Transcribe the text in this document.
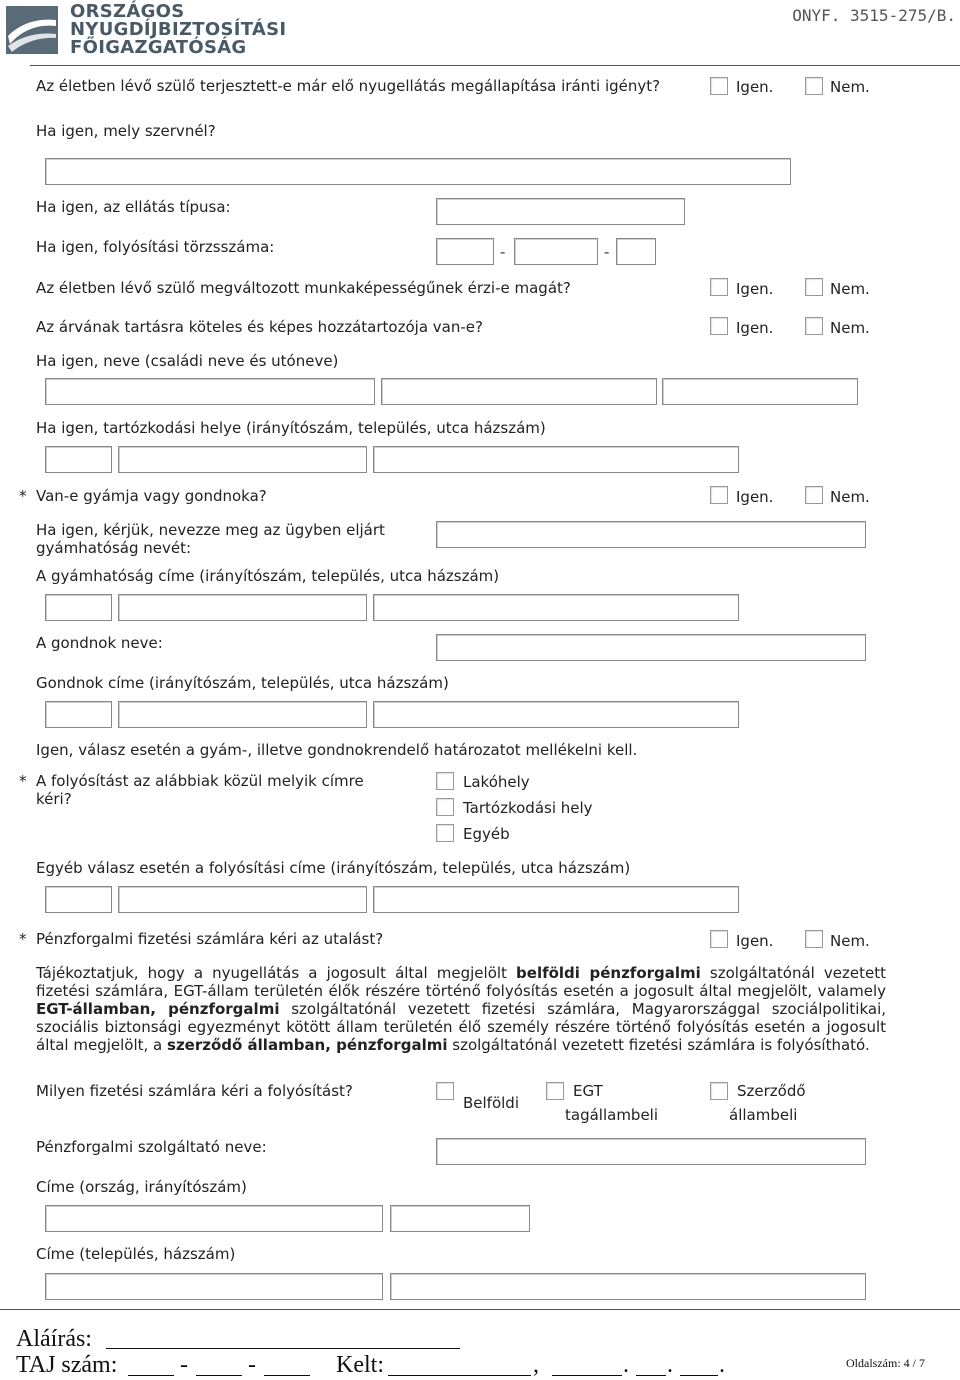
ORSZÁGOS
NYUGDÍJBIZTOSÍTÁSI
FŐIGAZGATÓSÁG
ONYF. 3515-275/B.
Az életben lévő szülő terjesztett-e már elő nyugellátás megállapítása iránti igényt?	Igen.	Nem.
Ha igen, mely szervnél?
Ha igen, az ellátás típusa:
Ha igen, folyósítási törzsszáma:	-	-
Az életben lévő szülő megváltozott munkaképességűnek érzi-e magát?	Igen.	Nem.
Az árvának tartásra köteles és képes hozzátartozója van-e?	Igen.	Nem.
Ha igen, neve (családi neve és utóneve)
Ha igen, tartózkodási helye (irányítószám, település, utca házszám)
* Van-e gyámja vagy gondnoka?	Igen.	Nem.
Ha igen, kérjük, nevezze meg az ügyben eljárt gyámhatóság nevét:
A gyámhatóság címe (irányítószám, település, utca házszám)
A gondnok neve:
Gondnok címe (irányítószám, település, utca házszám)
Igen, válasz esetén a gyám-, illetve gondnokrendelő határozatot mellékelni kell.
* A folyósítást az alábbiak közül melyik címre kéri?
Lakóhely
Tartózkodási hely
Egyéb
Egyéb válasz esetén a folyósítási címe (irányítószám, település, utca házszám)
* Pénzforgalmi fizetési számlára kéri az utalást?	Igen.	Nem.
Tájékoztatjuk, hogy a nyugellátás a jogosult által megjelölt belföldi pénzforgalmi szolgáltatónál vezetett fizetési számlára, EGT-állam területén élők részére történő folyósítás esetén a jogosult által megjelölt, valamely EGT-államban, pénzforgalmi szolgáltatónál vezetett fizetési számlára, Magyarországgal szociálpolitikai, szociális biztonsági egyezményt kötött állam területén élő személy részére történő folyósítás esetén a jogosult által megjelölt, a szerződő államban, pénzforgalmi szolgáltatónál vezetett fizetési számlára is folyósítható.
Milyen fizetési számlára kéri a folyósítást?
Belföldi
EGT
tagállambeli
Szerződő
állambeli
Pénzforgalmi szolgáltató neve:
Címe (ország, irányítószám)
Címe (település, házszám)
Aláírás:
TAJ szám:	-	-	Kelt:	,	. . .	Oldalszám: 4 / 7
